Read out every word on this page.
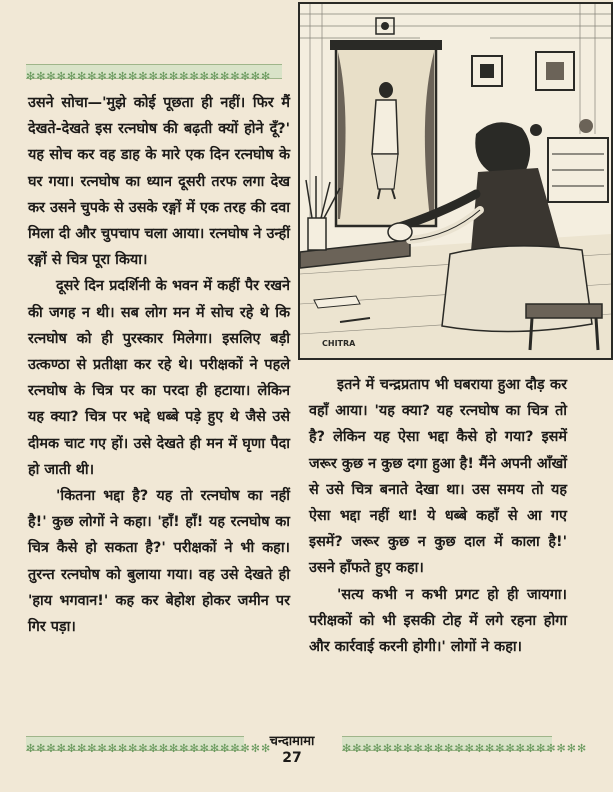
✻✻✻✻✻✻✻✻✻✻✻✻✻✻✻✻✻✻✻✻✻✻✻✻

उसने सोचा—'मुझे कोई पूछता ही नहीं। फिर मैं देखते-देखते इस रत्नघोष की बढ़ती क्यों होने दूँ?' यह सोच कर वह डाह के मारे एक दिन रत्नघोष के घर गया। रत्नघोष का ध्यान दूसरी तरफ लगा देख कर उसने चुपके से उसके रङ्गों में एक तरह की दवा मिला दी और चुपचाप चला आया। रत्नघोष ने उन्हीं रङ्गों से चित्र पूरा किया।

दूसरे दिन प्रदर्शिनी के भवन में कहीं पैर रखने की जगह न थी। सब लोग मन में सोच रहे थे कि रत्नघोष को ही पुरस्कार मिलेगा। इसलिए बड़ी उत्कण्ठा से प्रतीक्षा कर रहे थे। परीक्षकों ने पहले रत्नघोष के चित्र पर का परदा ही हटाया। लेकिन यह क्या? चित्र पर भद्दे धब्बे पड़े हुए थे जैसे उसे दीमक चाट गए हों। उसे देखते ही मन में घृणा पैदा हो जाती थी।

'कितना भद्दा है? यह तो रत्नघोष का नहीं है!' कुछ लोगों ने कहा। 'हाँ! हाँ! यह रत्नघोष का चित्र कैसे हो सकता है?' परीक्षकों ने भी कहा। तुरन्त रत्नघोष को बुलाया गया। वह उसे देखते ही 'हाय भगवान!' कह कर बेहोश होकर जमीन पर गिर पड़ा।

CHITRA

इतने में चन्द्रप्रताप भी घबराया हुआ दौड़ कर वहाँ आया। 'यह क्या? यह रत्नघोष का चित्र तो है? लेकिन यह ऐसा भद्दा कैसे हो गया? इसमें जरूर कुछ न कुछ दगा हुआ है! मैंने अपनी आँखों से उसे चित्र बनाते देखा था। उस समय तो यह ऐसा भद्दा नहीं था! ये धब्बे कहाँ से आ गए इसमें? जरूर कुछ न कुछ दाल में काला है!' उसने हाँफते हुए कहा।

'सत्य कभी न कभी प्रगट हो ही जायगा। परीक्षकों को भी इसकी टोह में लगे रहना होगा और कार्रवाई करनी होगी।' लोगों ने कहा।

✻✻✻✻✻✻✻✻✻✻✻✻✻✻✻✻✻✻✻✻✻✻✻✻
चन्दामामा	✻✻✻✻✻✻✻✻✻✻✻✻✻✻✻✻✻✻✻✻✻✻✻✻
27
